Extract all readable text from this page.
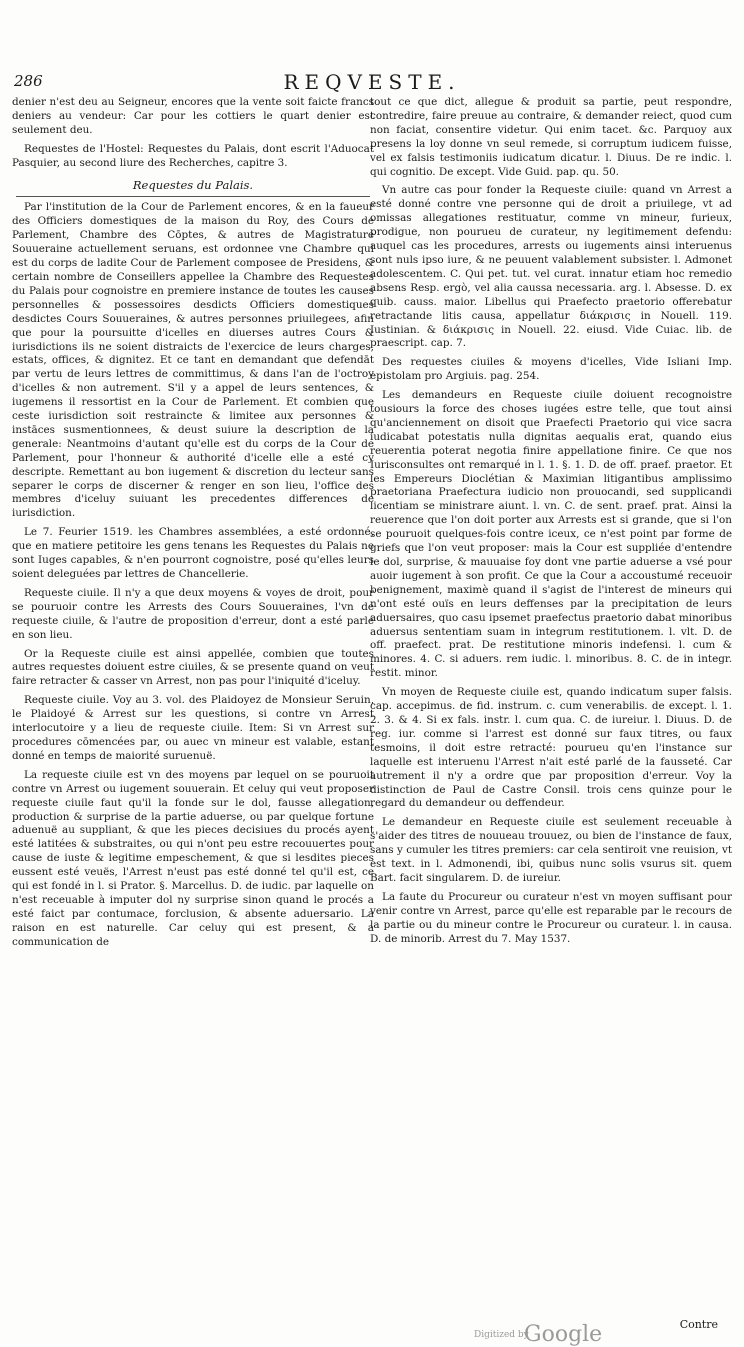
286	REQVESTE.

denier n'est deu au Seigneur, encores que la vente soit faicte francs deniers au vendeur: Car pour les cottiers le quart denier est seulement deu.

Requestes de l'Hostel: Requestes du Palais, dont escrit l'Aduocat Pasquier, au second liure des Recherches, capitre 3.

Requestes du Palais.

Par l'institution de la Cour de Parlement encores, & en la faueur des Officiers domestiques de la maison du Roy, des Cours de Parlement, Chambre des Cōptes, & autres de Magistrature Souueraine actuellement seruans, est ordonnee vne Chambre qui est du corps de ladite Cour de Parlement composee de Presidens, & certain nombre de Conseillers appellee la Chambre des Requestes du Palais pour cognoistre en premiere instance de toutes les causes personnelles & possessoires desdicts Officiers domestiques desdictes Cours Souueraines, & autres personnes priuilegees, afin que pour la poursuitte d'icelles en diuerses autres Cours & iurisdictions ils ne soient distraicts de l'exercice de leurs charges, estats, offices, & dignitez. Et ce tant en demandant que defendāt par vertu de leurs lettres de committimus, & dans l'an de l'octroy d'icelles & non autrement. S'il y a appel de leurs sentences, & iugemens il ressortist en la Cour de Parlement. Et combien que ceste iurisdiction soit restraincte & limitee aux personnes & instāces susmentionnees, & deust suiure la description de la generale: Neantmoins d'autant qu'elle est du corps de la Cour de Parlement, pour l'honneur & authorité d'icelle elle a esté cy descripte. Remettant au bon iugement & discretion du lecteur sans separer le corps de discerner & renger en son lieu, l'office des membres d'iceluy suiuant les precedentes differences de iurisdiction.

Le 7. Feurier 1519. les Chambres assemblées, a esté ordonné, que en matiere petitoire les gens tenans les Requestes du Palais ne sont Iuges capables, & n'en pourront cognoistre, posé qu'elles leurs soient deleguées par lettres de Chancellerie.

Requeste ciuile. Il n'y a que deux moyens & voyes de droit, pour se pouruoir contre les Arrests des Cours Souueraines, l'vn de requeste ciuile, & l'autre de proposition d'erreur, dont a esté parlé en son lieu.

Or la Requeste ciuile est ainsi appellée, combien que toutes autres requestes doiuent estre ciuiles, & se presente quand on veut faire retracter & casser vn Arrest, non pas pour l'iniquité d'iceluy.

Requeste ciuile. Voy au 3. vol. des Plaidoyez de Monsieur Seruin, le Plaidoyé & Arrest sur les questions, si contre vn Arrest interlocutoire y a lieu de requeste ciuile. Item: Si vn Arrest sur procedures cōmencées par, ou auec vn mineur est valable, estant donné en temps de maiorité suruenuë.

La requeste ciuile est vn des moyens par lequel on se pouruoit contre vn Arrest ou iugement souuerain. Et celuy qui veut proposer requeste ciuile faut qu'il la fonde sur le dol, fausse allegation, production & surprise de la partie aduerse, ou par quelque fortune aduenuë au suppliant, & que les pieces decisiues du procés ayent esté latitées & substraites, ou qui n'ont peu estre recouuertes pour cause de iuste & legitime empeschement, & que si lesdites pieces eussent esté veuës, l'Arrest n'eust pas esté donné tel qu'il est, ce qui est fondé in l. si Prator. §. Marcellus. D. de iudic. par laquelle on n'est receuable à imputer dol ny surprise sinon quand le procés a esté faict par contumace, forclusion, & absente aduersario. La raison en est naturelle. Car celuy qui est present, & a communication de

tout ce que dict, allegue & produit sa partie, peut respondre, contredire, faire preuue au contraire, & demander reiect, quod cum non faciat, consentire videtur. Qui enim tacet. &c. Parquoy aux presens la loy donne vn seul remede, si corruptum iudicem fuisse, vel ex falsis testimoniis iudicatum dicatur. l. Diuus. De re indic. l. qui cognitio. De except. Vide Guid. pap. qu. 50.

Vn autre cas pour fonder la Requeste ciuile: quand vn Arrest a esté donné contre vne personne qui de droit a priuilege, vt ad omissas allegationes restituatur, comme vn mineur, furieux, prodigue, non pourueu de curateur, ny legitimement defendu: auquel cas les procedures, arrests ou iugements ainsi interuenus sont nuls ipso iure, & ne peuuent valablement subsister. l. Admonet adolescentem. C. Qui pet. tut. vel curat. innatur etiam hoc remedio absens Resp. ergò, vel alia caussa necessaria. arg. l. Absesse. D. ex quib. causs. maior. Libellus qui Praefecto praetorio offerebatur retractande litis causa, appellatur διάκρισις in Nouell. 119. Iustinian. & διάκρισις in Nouell. 22. eiusd. Vide Cuiac. lib. de praescript. cap. 7.

Des requestes ciuiles & moyens d'icelles, Vide Isliani Imp. epistolam pro Argiuis. pag. 254.

Les demandeurs en Requeste ciuile doiuent recognoistre tousiours la force des choses iugées estre telle, que tout ainsi qu'anciennement on disoit que Praefecti Praetorio qui vice sacra iudicabat potestatis nulla dignitas aequalis erat, quando eius reuerentia poterat negotia finire appellatione finire. Ce que nos Iurisconsultes ont remarqué in l. 1. §. 1. D. de off. praef. praetor. Et les Empereurs Dioclétian & Maximian litigantibus amplissimo praetoriana Praefectura iudicio non prouocandi, sed supplicandi licentiam se ministrare aiunt. l. vn. C. de sent. praef. prat. Ainsi la reuerence que l'on doit porter aux Arrests est si grande, que si l'on se pouruoit quelques-fois contre iceux, ce n'est point par forme de griefs que l'on veut proposer: mais la Cour est suppliée d'entendre le dol, surprise, & mauuaise foy dont vne partie aduerse a vsé pour auoir iugement à son profit. Ce que la Cour a accoustumé receuoir benignement, maximè quand il s'agist de l'interest de mineurs qui n'ont esté ouïs en leurs deffenses par la precipitation de leurs aduersaires, quo casu ipsemet praefectus praetorio dabat minoribus aduersus sententiam suam in integrum restitutionem. l. vlt. D. de off. praefect. prat. De restitutione minoris indefensi. l. cum & minores. 4. C. si aduers. rem iudic. l. minoribus. 8. C. de in integr. restit. minor.

Vn moyen de Requeste ciuile est, quando indicatum super falsis. cap. accepimus. de fid. instrum. c. cum venerabilis. de except. l. 1. 2. 3. & 4. Si ex fals. instr. l. cum qua. C. de iureiur. l. Diuus. D. de reg. iur. comme si l'arrest est donné sur faux titres, ou faux tesmoins, il doit estre retracté: pourueu qu'en l'instance sur laquelle est interuenu l'Arrest n'ait esté parlé de la fausseté. Car autrement il n'y a ordre que par proposition d'erreur. Voy la distinction de Paul de Castre Consil. trois cens quinze pour le regard du demandeur ou deffendeur.

Le demandeur en Requeste ciuile est seulement receuable à s'aider des titres de nouueau trouuez, ou bien de l'instance de faux, sans y cumuler les titres premiers: car cela sentiroit vne reuision, vt est text. in l. Admonendi, ibi, quibus nunc solis vsurus sit. quem Bart. facit singularem. D. de iureiur.

La faute du Procureur ou curateur n'est vn moyen suffisant pour venir contre vn Arrest, parce qu'elle est reparable par le recours de la partie ou du mineur contre le Procureur ou curateur. l. in causa. D. de minorib. Arrest du 7. May 1537.

Contre
Digitized by
Google
